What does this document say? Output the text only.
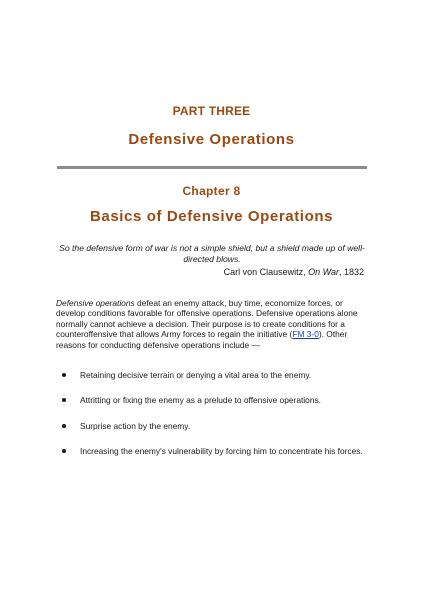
PART THREE
Defensive Operations
Chapter 8
Basics of Defensive Operations
So the defensive form of war is not a simple shield, but a shield made up of well-directed blows.
Carl von Clausewitz, On War, 1832
Defensive operations defeat an enemy attack, buy time, economize forces, or develop conditions favorable for offensive operations. Defensive operations alone normally cannot achieve a decision. Their purpose is to create conditions for a counteroffensive that allows Army forces to regain the initiative (FM 3-0). Other reasons for conducting defensive operations include —
Retaining decisive terrain or denying a vital area to the enemy.
Attritting or fixing the enemy as a prelude to offensive operations.
Surprise action by the enemy.
Increasing the enemy's vulnerability by forcing him to concentrate his forces.
